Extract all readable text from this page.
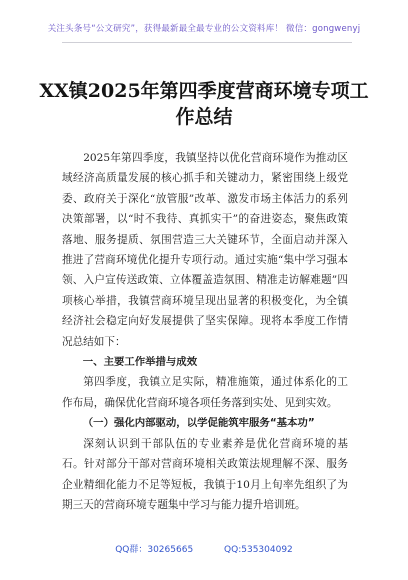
关注头条号“公文研究”，获得最新最全最专业的公文资料库！ 微信：gongwenyj
XX镇2025年第四季度营商环境专项工作总结

2025年第四季度，我镇坚持以优化营商环境作为推动区域经济高质量发展的核心抓手和关键动力，紧密围绕上级党委、政府关于深化“放管服”改革、激发市场主体活力的系列决策部署，以“时不我待、真抓实干”的奋进姿态，聚焦政策落地、服务提质、氛围营造三大关键环节，全面启动并深入推进了营商环境优化提升专项行动。通过实施“集中学习强本领、入户宣传送政策、立体覆盖造氛围、精准走访解难题”四项核心举措，我镇营商环境呈现出显著的积极变化，为全镇经济社会稳定向好发展提供了坚实保障。现将本季度工作情况总结如下：

一、主要工作举措与成效

第四季度，我镇立足实际，精准施策，通过体系化的工作布局，确保优化营商环境各项任务落到实处、见到实效。

（一）强化内部驱动，以学促能筑牢服务“基本功”

深刻认识到干部队伍的专业素养是优化营商环境的基石。针对部分干部对营商环境相关政策法规理解不深、服务企业精细化能力不足等短板，我镇于10月上旬率先组织了为期三天的营商环境专题集中学习与能力提升培训班。

QQ群：30265665	QQ:535304092
